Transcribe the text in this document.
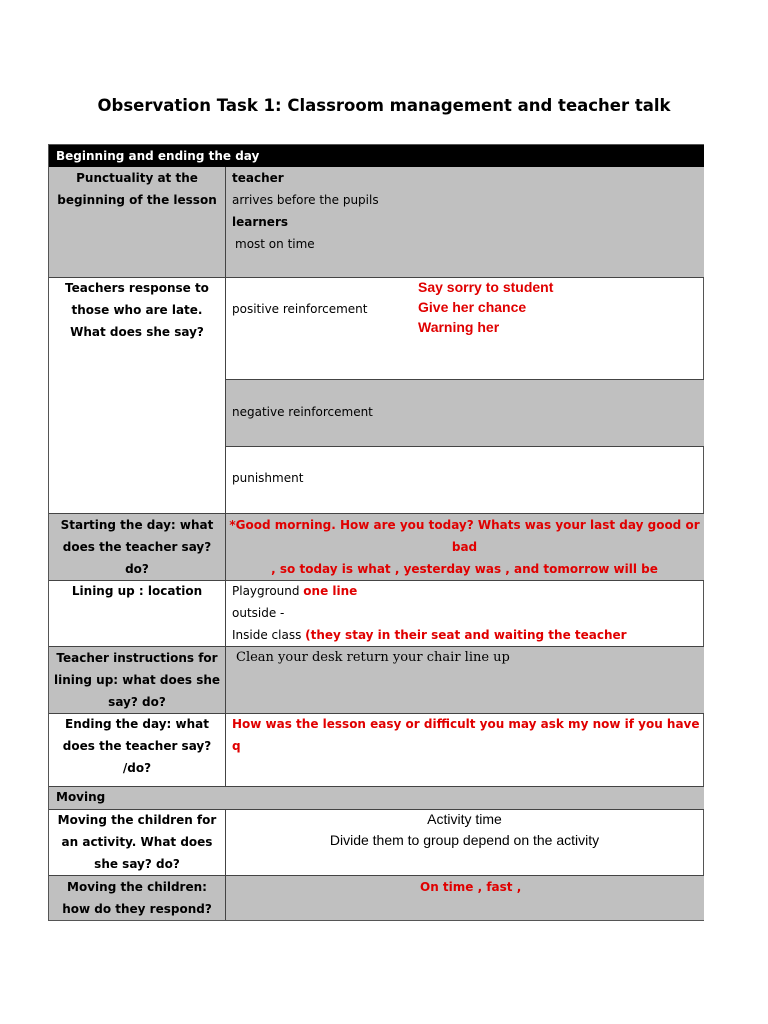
Observation Task 1: Classroom management and teacher talk
Beginning and ending the day
Punctuality at the beginning of the lesson
teacher
arrives before the pupils
learners
most on time
Teachers response to those who are late. What does she say?
positive reinforcement
Say sorry to student
Give her chance
Warning her
negative reinforcement
punishment
Starting the day: what does the teacher say? do?
*Good morning. How are you today? Whats was your last day good or bad
, so today is what , yesterday was , and tomorrow will be
Lining up : location	Playground one line
outside -
Inside class (they stay in their seat and waiting the teacher
Teacher instructions for lining up: what does she say? do?
Clean your desk return your chair line up
Ending the day: what does the teacher say? /do?
How was the lesson easy or difficult you may ask my now if you have q
Moving
Moving the children for an activity. What does she say? do?
Activity time
Divide them to group depend on the activity
Moving the children: how do they respond?
On time , fast ,
